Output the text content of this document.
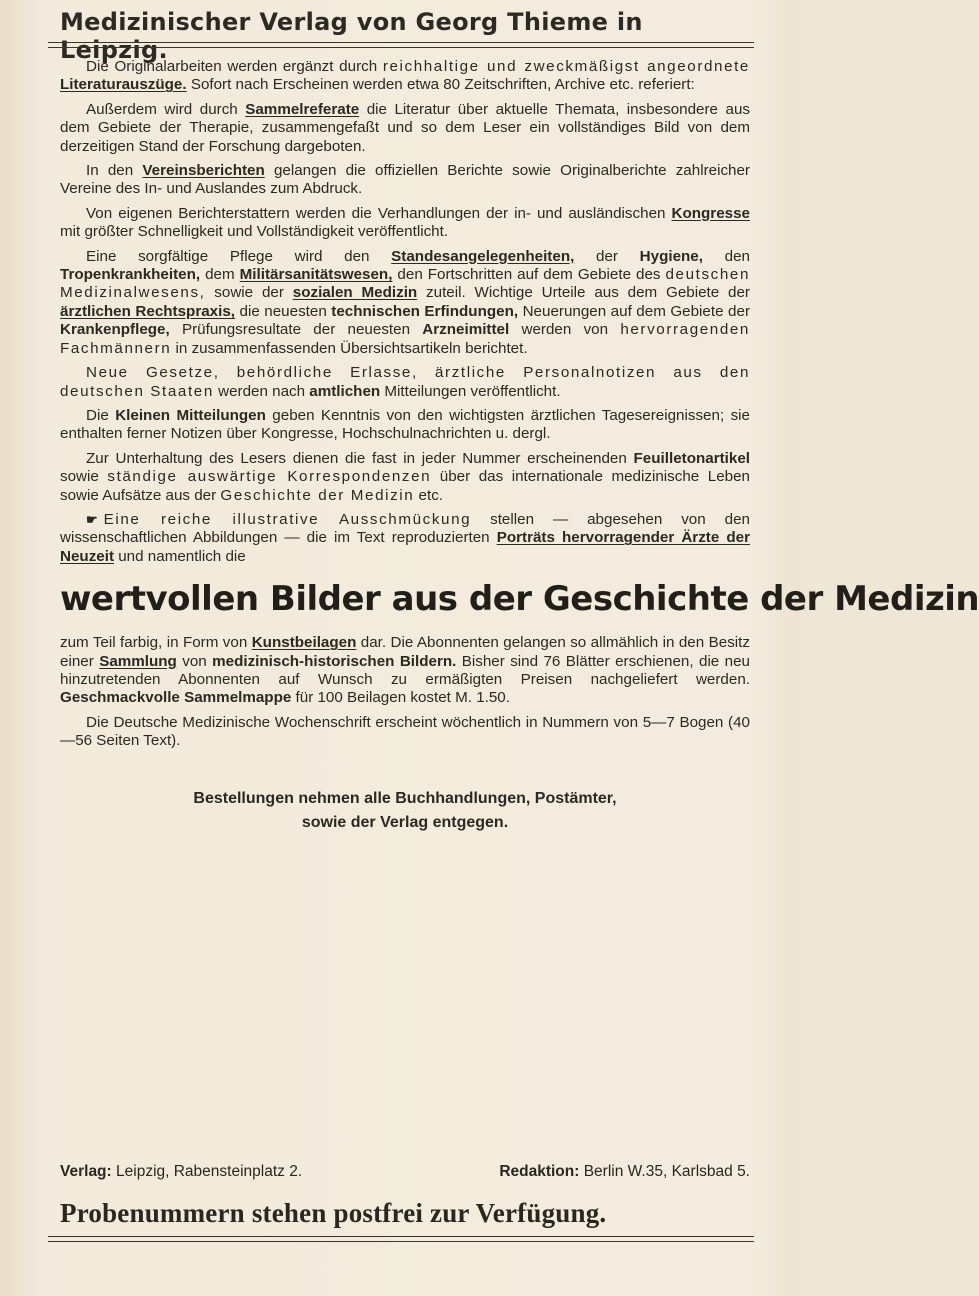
Medizinischer Verlag von Georg Thieme in Leipzig.

Die Originalarbeiten werden ergänzt durch reichhaltige und zweckmäßigst angeordnete Literaturauszüge. Sofort nach Erscheinen werden etwa 80 Zeitschriften, Archive etc. referiert:

Außerdem wird durch Sammelreferate die Literatur über aktuelle Themata, insbesondere aus dem Gebiete der Therapie, zusammengefaßt und so dem Leser ein vollständiges Bild von dem derzeitigen Stand der Forschung dargeboten.

In den Vereinsberichten gelangen die offiziellen Berichte sowie Originalberichte zahlreicher Vereine des In- und Auslandes zum Abdruck.

Von eigenen Berichterstattern werden die Verhandlungen der in- und ausländischen Kongresse mit größter Schnelligkeit und Vollständigkeit veröffentlicht.

Eine sorgfältige Pflege wird den Standesangelegenheiten, der Hygiene, den Tropenkrankheiten, dem Militärsanitätswesen, den Fortschritten auf dem Gebiete des deutschen Medizinalwesens, sowie der sozialen Medizin zuteil. Wichtige Urteile aus dem Gebiete der ärztlichen Rechtspraxis, die neuesten technischen Erfindungen, Neuerungen auf dem Gebiete der Krankenpflege, Prüfungsresultate der neuesten Arzneimittel werden von hervorragenden Fachmännern in zusammenfassenden Übersichtsartikeln berichtet.

Neue Gesetze, behördliche Erlasse, ärztliche Personalnotizen aus den deutschen Staaten werden nach amtlichen Mitteilungen veröffentlicht.

Die Kleinen Mitteilungen geben Kenntnis von den wichtigsten ärztlichen Tagesereignissen; sie enthalten ferner Notizen über Kongresse, Hochschulnachrichten u. dergl.

Zur Unterhaltung des Lesers dienen die fast in jeder Nummer erscheinenden Feuilletonartikel sowie ständige auswärtige Korrespondenzen über das internationale medizinische Leben sowie Aufsätze aus der Geschichte der Medizin etc.

☛ Eine reiche illustrative Ausschmückung stellen — abgesehen von den wissenschaftlichen Abbildungen — die im Text reproduzierten Porträts hervorragender Ärzte der Neuzeit und namentlich die

wertvollen Bilder aus der Geschichte der Medizin

zum Teil farbig, in Form von Kunstbeilagen dar. Die Abonnenten gelangen so allmählich in den Besitz einer Sammlung von medizinisch-historischen Bildern. Bisher sind 76 Blätter erschienen, die neu hinzutretenden Abonnenten auf Wunsch zu ermäßigten Preisen nachgeliefert werden. Geschmackvolle Sammelmappe für 100 Beilagen kostet M. 1.50.

Die Deutsche Medizinische Wochenschrift erscheint wöchentlich in Nummern von 5—7 Bogen (40—56 Seiten Text).

Bestellungen nehmen alle Buchhandlungen, Postämter,
sowie der Verlag entgegen.
Verlag: Leipzig, Rabensteinplatz 2.	Redaktion: Berlin W.35, Karlsbad 5.
Probenummern stehen postfrei zur Verfügung.
